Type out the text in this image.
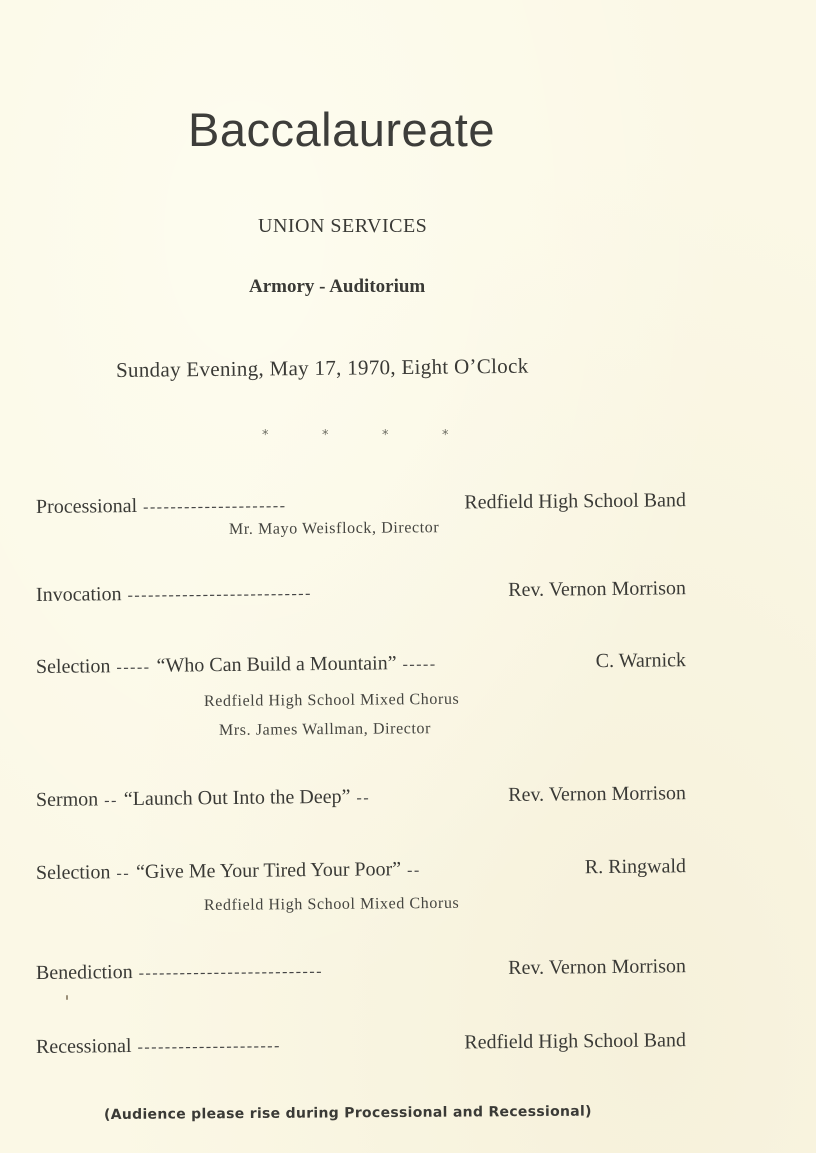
Baccalaureate
UNION SERVICES
Armory - Auditorium
Sunday Evening, May 17, 1970, Eight O’Clock
*	*	*	*
Processional ---------------------	Redfield High School Band
Mr. Mayo Weisflock, Director
Invocation ---------------------------	Rev. Vernon Morrison
Selection ----- “Who Can Build a Mountain” -----	C. Warnick
Redfield High School Mixed Chorus
Mrs. James Wallman, Director
Sermon -- “Launch Out Into the Deep” --	Rev. Vernon Morrison
Selection -- “Give Me Your Tired Your Poor” --	R. Ringwald
Redfield High School Mixed Chorus
Benediction ---------------------------	Rev. Vernon Morrison
Recessional ---------------------	Redfield High School Band
(Audience please rise during Processional and Recessional)
